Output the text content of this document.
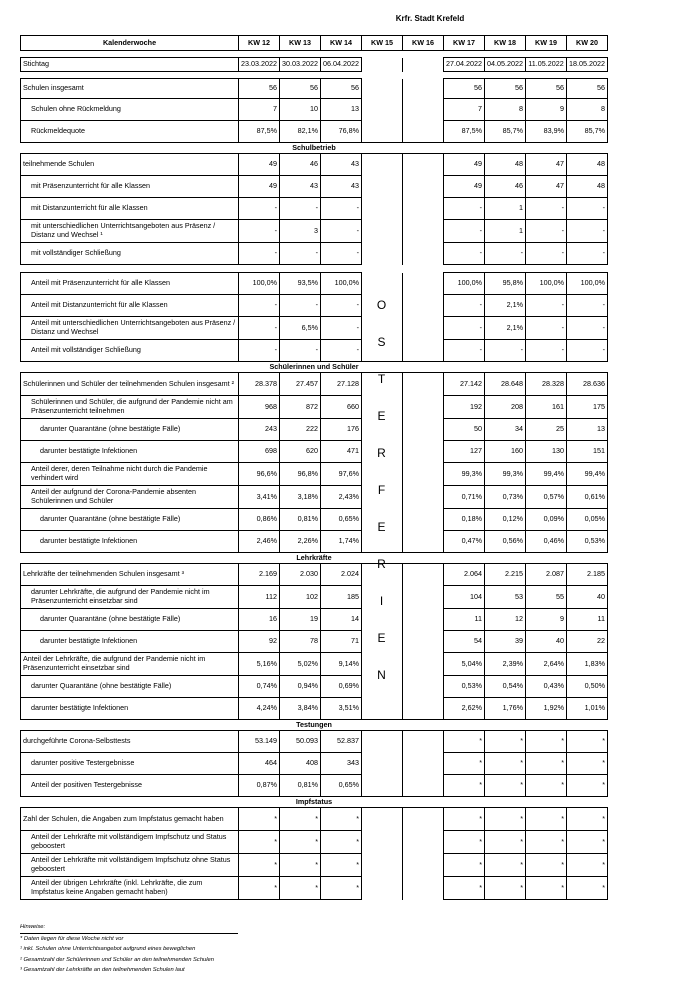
Krfr. Stadt Krefeld
Kalenderwoche	KW 12	KW 13	KW 14	KW 15	KW 16	KW 17	KW 18	KW 19	KW 20

Stichtag	23.03.2022	30.03.2022	06.04.2022			27.04.2022	04.05.2022	11.05.2022	18.05.2022

Schulen insgesamt	56	56	56			56	56	56	56
Schulen ohne Rückmeldung	7	10	13			7	8	9	8
Rückmeldequote	87,5%	82,1%	76,8%			87,5%	85,7%	83,9%	85,7%
Schulbetrieb									
teilnehmende Schulen	49	46	43			49	48	47	48
mit Präsenzunterricht für alle Klassen	49	43	43			49	46	47	48
mit Distanzunterricht für alle Klassen	-	-	-			-	1	-	-
mit unterschiedlichen Unterrichtsangeboten aus Präsenz / Distanz und Wechsel ¹	-	3	-			-	1	-	-
mit vollständiger Schließung	-	-	-			-	-	-	-

Anteil mit Präsenzunterricht für alle Klassen	100,0%	93,5%	100,0%			100,0%	95,8%	100,0%	100,0%
Anteil mit Distanzunterricht für alle Klassen	-	-	-			-	2,1%	-	-
Anteil mit unterschiedlichen Unterrichtsangeboten aus Präsenz / Distanz und Wechsel	-	6,5%	-			-	2,1%	-	-
Anteil mit vollständiger Schließung	-	-	-			-	-	-	-
Schülerinnen und Schüler									
Schülerinnen und Schüler der teilnehmenden Schulen insgesamt ²	28.378	27.457	27.128			27.142	28.648	28.328	28.636
Schülerinnen und Schüler, die aufgrund der Pandemie nicht am Präsenzunterricht teilnehmen	968	872	660			192	208	161	175
darunter Quarantäne (ohne bestätigte Fälle)	243	222	176			50	34	25	13
darunter bestätigte Infektionen	698	620	471			127	160	130	151
Anteil derer, deren Teilnahme nicht durch die Pandemie verhindert wird	96,6%	96,8%	97,6%			99,3%	99,3%	99,4%	99,4%
Anteil der aufgrund der Corona-Pandemie absenten Schülerinnen und Schüler	3,41%	3,18%	2,43%			0,71%	0,73%	0,57%	0,61%
darunter Quarantäne (ohne bestätigte Fälle)	0,86%	0,81%	0,65%			0,18%	0,12%	0,09%	0,05%
darunter bestätigte Infektionen	2,46%	2,26%	1,74%			0,47%	0,56%	0,46%	0,53%
Lehrkräfte									
Lehrkräfte der teilnehmenden Schulen insgesamt ³	2.169	2.030	2.024			2.064	2.215	2.087	2.185
darunter Lehrkräfte, die aufgrund der Pandemie nicht im Präsenzunterricht einsetzbar sind	112	102	185			104	53	55	40
darunter Quarantäne (ohne bestätigte Fälle)	16	19	14			11	12	9	11
darunter bestätigte Infektionen	92	78	71			54	39	40	22
Anteil der Lehrkräfte, die aufgrund der Pandemie nicht im Präsenzunterricht einsetzbar sind	5,16%	5,02%	9,14%			5,04%	2,39%	2,64%	1,83%
darunter Quarantäne (ohne bestätigte Fälle)	0,74%	0,94%	0,69%			0,53%	0,54%	0,43%	0,50%
darunter bestätigte Infektionen	4,24%	3,84%	3,51%			2,62%	1,76%	1,92%	1,01%
Testungen									
durchgeführte Corona-Selbsttests	53.149	50.093	52.837			*	*	*	*
darunter positive Testergebnisse	464	408	343			*	*	*	*
Anteil der positiven Testergebnisse	0,87%	0,81%	0,65%			*	*	*	*
Impfstatus									
Zahl der Schulen, die Angaben zum Impfstatus gemacht haben	*	*	*			*	*	*	*
Anteil der Lehrkräfte mit vollständigem Impfschutz und Status geboostert	*	*	*			*	*	*	*
Anteil der Lehrkräfte mit vollständigem Impfschutz ohne Status geboostert	*	*	*			*	*	*	*
Anteil der übrigen Lehrkräfte (inkl. Lehrkräfte, die zum Impfstatus keine Angaben gemacht haben)	*	*	*			*	*	*	*
Hinweise:
* Daten liegen für diese Woche nicht vor
¹ inkl. Schulen ohne Unterrichtsangebot aufgrund eines beweglichen
² Gesamtzahl der Schülerinnen und Schüler an den teilnehmenden Schulen
³ Gesamtzahl der Lehrkräfte an den teilnehmenden Schulen laut
O
S
T
E
R
F
E
R
I
E
N
